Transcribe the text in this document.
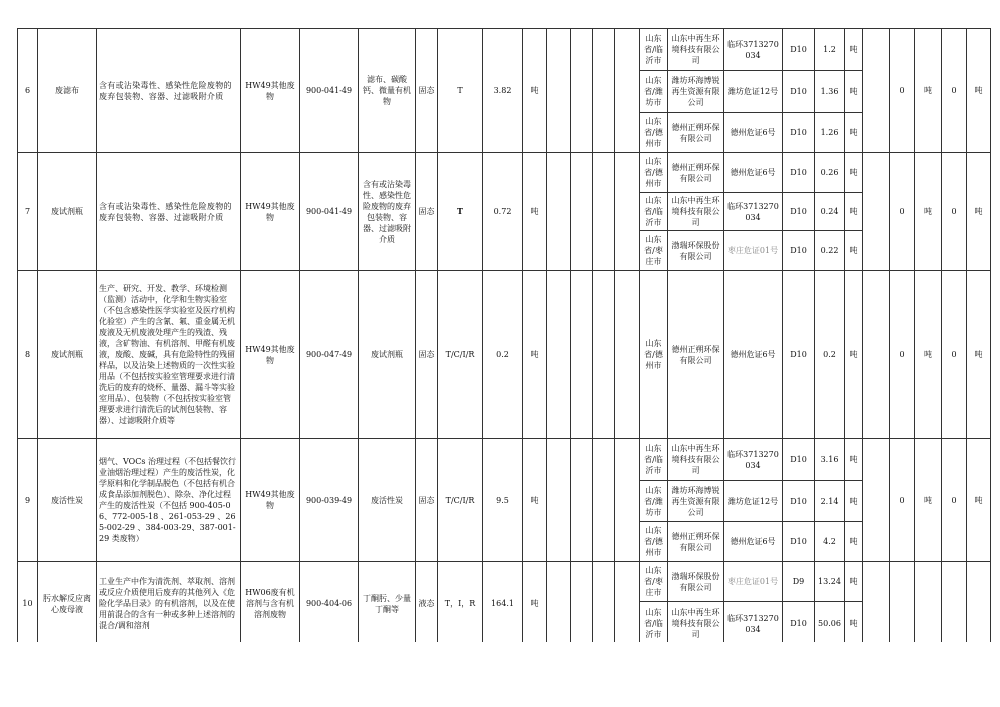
6	废滤布	含有或沾染毒性、感染性危险废物的废弃包装物、容器、过滤吸附介质	HW49其他废物	900-041-49	滤布、碳酸钙、微量有机物	固态	T	3.82	吨					山东省/临沂市	山东中再生环境科技有限公司	临环3713270034	D10	1.2	吨		0	吨	0	吨
														山东省/潍坊市	潍坊环海博锐再生资源有限公司	潍坊危证12号	D10	1.36	吨					
														山东省/德州市	德州正朔环保有限公司	德州危证6号	D10	1.26	吨					
7	废试剂瓶	含有或沾染毒性、感染性危险废物的废弃包装物、容器、过滤吸附介质	HW49其他废物	900-041-49	含有或沾染毒性、感染性危险废物的废弃包装物、容器、过滤吸附介质	固态	T	0.72	吨					山东省/德州市	德州正朔环保有限公司	德州危证6号	D10	0.26	吨		0	吨	0	吨
														山东省/临沂市	山东中再生环境科技有限公司	临环3713270034	D10	0.24	吨					
														山东省/枣庄市	渤瑞环保股份有限公司	枣庄危证01号	D10	0.22	吨					
8	废试剂瓶	生产、研究、开发、教学、环境检测（监测）活动中，化学和生物实验室（不包含感染性医学实验室及医疗机构化验室）产生的含氰、氟、重金属无机废液及无机废液处理产生的残渣、残液，含矿物油、有机溶剂、甲醛有机废液，废酸、废碱，具有危险特性的残留样品，以及沾染上述物质的一次性实验用品（不包括按实验室管理要求进行清洗后的废弃的烧杯、量器、漏斗等实验室用品）、包装物（不包括按实验室管理要求进行清洗后的试剂包装物、容器）、过滤吸附介质等	HW49其他废物	900-047-49	废试剂瓶	固态	T/C/I/R	0.2	吨					山东省/德州市	德州正朔环保有限公司	德州危证6号	D10	0.2	吨		0	吨	0	吨
9	废活性炭	烟气、VOCs 治理过程（不包括餐饮行业油烟治理过程）产生的废活性炭，化学原料和化学制品脱色（不包括有机合成食品添加剂脱色）、除杂、净化过程产生的废活性炭（不包括 900-405-06、772-005-18 、261-053-29 、265-002-29 、384-003-29、387-001-29 类废物）	HW49其他废物	900-039-49	废活性炭	固态	T/C/I/R	9.5	吨					山东省/临沂市	山东中再生环境科技有限公司	临环3713270034	D10	3.16	吨		0	吨	0	吨
														山东省/潍坊市	潍坊环海博锐再生资源有限公司	潍坊危证12号	D10	2.14	吨					
														山东省/德州市	德州正朔环保有限公司	德州危证6号	D10	4.2	吨					
10	肟水解反应离心废母液	工业生产中作为清洗剂、萃取剂、溶剂或反应介质使用后废弃的其他列入《危险化学品目录》的有机溶剂，以及在使用前混合的含有一种或多种上述溶剂的混合/调和溶剂	HW06废有机溶剂与含有机溶剂废物	900-404-06	丁酮肟、少量丁酮等	液态	T，I，R	164.1	吨					山东省/枣庄市	渤瑞环保股份有限公司	枣庄危证01号	D9	13.24	吨					
														山东省/临沂市	山东中再生环境科技有限公司	临环3713270034	D10	50.06	吨					
